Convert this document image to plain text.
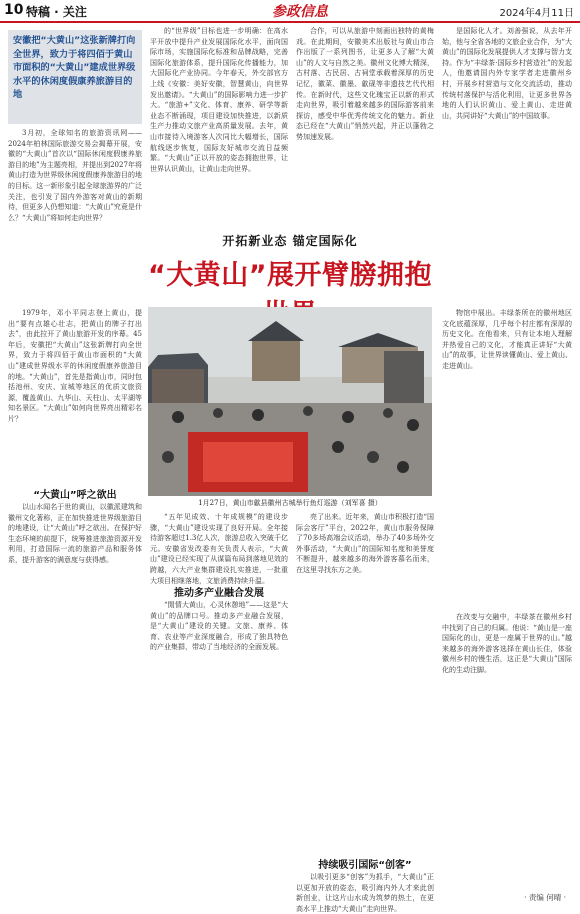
10 特稿 · 关注	参政信息	2024年4月11日
安徽把“大黄山”这张新牌打向全世界，致力于将四佰于黄山市面积的“大黄山”建成世界级水平的休闲度假康养旅游目的地

3月初，全球知名的旅游资讯网——2024年柏林国际旅游交易会揭幕开展，安徽的“大黄山”首次以“国际休闲度假康养旅游目的地”为主题亮相，并提出到2027年将黄山打造为世界级休闲度假康养旅游目的地的目标。这一新形象引起全球旅游界的广泛关注，也引发了国内外游客对黄山的新期待，但更多人仍想知道：“大黄山”究竟是什么？“大黄山”将如何走向世界？

的“世界级”目标也进一步明确：在高水平开放中提升产业发展国际化水平，面向国际市场，实施国际化标准和品牌战略，完善国际化旅游体系，提升国际化传播能力，加大国际化产业协同。今年春天，外交部官方上线《安徽：美好安徽，智慧黄山，向世界发出邀请》。“大黄山”的国际影响力进一步扩大。“旅游+”文化、体育、康养、研学等新业态不断涌现，项目建设加快推进，以新质生产力推动文旅产业高质量发展。去年，黄山市接待入境游客人次同比大幅增长，国际航线逐步恢复，国际友好城市交流日益频繁。“大黄山”正以开放的姿态拥抱世界，让世界认识黄山，让黄山走向世界。

合作，可以从旅游中刻画出独特的黄梅戏。在此期间，安徽美术出版社与黄山市合作出版了一系列图书，让更多人了解“大黄山”的人文与自然之美。徽州文化博大精深，古村落、古民居、古祠堂承载着深厚的历史记忆，徽菜、徽墨、歙砚等非遗技艺代代相传。在新时代，这些文化瑰宝正以新的形式走向世界，吸引着越来越多的国际游客前来探访，感受中华优秀传统文化的魅力。新业态已经在“大黄山”悄然兴起，并正以蓬勃之势加速发展。

是国际化人才。刘善强说，从去年开始，他与全省各地的文旅企业合作，为“大黄山”的国际化发展提供人才支撑与智力支持。作为“丰绿茶·国际乡村营造社”的发起人，他邀请国内外专家学者走进徽州乡村，开展乡村营造与文化交流活动，推动传统村落保护与活化利用，让更多世界各地的人们认识黄山、爱上黄山、走进黄山，共同讲好“大黄山”的中国故事。

开拓新业态 锚定国际化
“大黄山”展开臂膀拥抱

1979年，邓小平同志登上黄山，提出“要有点雄心壮志，把黄山的牌子打出去”，由此拉开了黄山旅游开发的序幕。45年后，安徽把“大黄山”这张新牌打向全世界，致力于将四佰于黄山市面积的“大黄山”建成世界级水平的休闲度假康养旅游目的地。“大黄山”，首先是指黄山市，同时包括池州、安庆、宣城等地区的优质文旅资源，覆盖黄山、九华山、天柱山、太平湖等知名景区。“大黄山”如何向世界亮出精彩名片？

“大黄山”呼之欲出

以山水闻名于世的黄山，以徽派建筑和徽州文化著称，正在加快推进世界级旅游目的地建设，让“大黄山”呼之欲出。在保护好生态环境的前提下，统筹推进旅游资源开发利用，打造国际一流的旅游产品和服务体系，提升游客的满意度与获得感。

1月27日，黄山市歙县徽州古城举行鱼灯巡游（刘军喜 摄）

“五年见成效、十年成规模”的建设步骤，“大黄山”建设实现了良好开局。全年接待游客超过1.3亿人次，旅游总收入突破千亿元。安徽省发改委有关负责人表示，“大黄山”建设已经实现了从谋篇布局到落地见效的跨越，六大产业集群建设扎实推进，一批重大项目相继落地，文旅消费持续升温。

推动多产业融合发展

“閒情大黄山，心灵休憩地”——这是“大黄山”的品牌口号。推动多产业融合发展，是“大黄山”建设的关键。文旅、康养、体育、农业等产业深度融合，形成了独具特色的产业集群，带动了当地经济的全面发展。

亮了出来。近年来，黄山市积极打造“国际会客厅”平台，2022年，黄山市服务保障了70多场高端会议活动，举办了40多场外交外事活动，“大黄山”的国际知名度和美誉度不断提升，越来越多的海外游客慕名而来，在这里寻找东方之美。

持续吸引国际“创客”

以吸引更多“创客”为抓手，“大黄山”正以更加开放的姿态，吸引海内外人才来此创新创业，让这片山水成为筑梦的热土，在更高水平上推动“大黄山”走向世界。

物馆中展出。丰绿茶所在的徽州地区文化底蕴深厚，几乎每个村庄都有深厚的历史文化。在他看来，只有让本地人理解并热爱自己的文化，才能真正讲好“大黄山”的故事，让世界读懂黄山、爱上黄山、走进黄山。

在改变与交融中，丰绿茶在徽州乡村中找到了自己的归属。他说：“黄山是一座国际化的山，更是一座属于世界的山。”越来越多的海外游客选择在黄山长住，体验徽州乡村的慢生活，这正是“大黄山”国际化的生动注脚。

· 责编 何晴 ·
